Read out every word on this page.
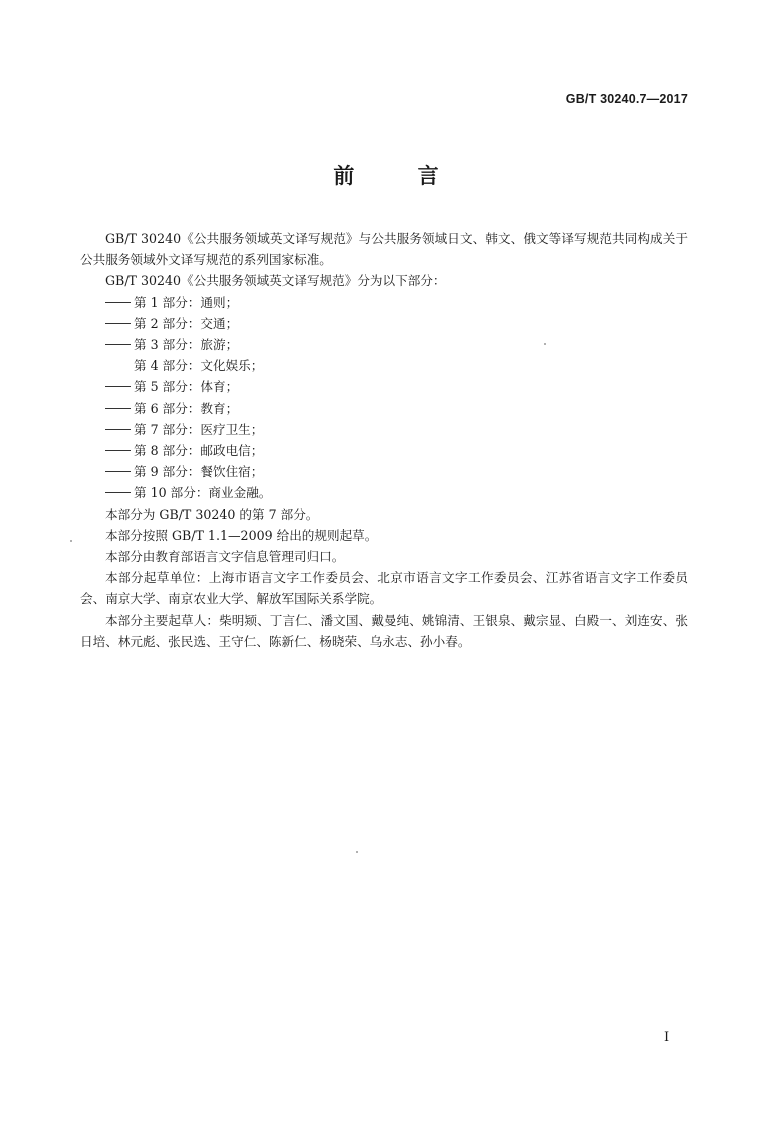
GB/T 30240.7—2017
前 言

GB/T 30240《公共服务领域英文译写规范》与公共服务领域日文、韩文、俄文等译写规范共同构成关于公共服务领域外文译写规范的系列国家标准。

GB/T 30240《公共服务领域英文译写规范》分为以下部分：

第 1 部分：通则；

第 2 部分：交通；

第 3 部分：旅游；

第 4 部分：文化娱乐；

第 5 部分：体育；

第 6 部分：教育；

第 7 部分：医疗卫生；

第 8 部分：邮政电信；

第 9 部分：餐饮住宿；

第 10 部分：商业金融。

本部分为 GB/T 30240 的第 7 部分。

本部分按照 GB/T 1.1—2009 给出的规则起草。

本部分由教育部语言文字信息管理司归口。

本部分起草单位：上海市语言文字工作委员会、北京市语言文字工作委员会、江苏省语言文字工作委员会、南京大学、南京农业大学、解放军国际关系学院。

本部分主要起草人：柴明颎、丁言仁、潘文国、戴曼纯、姚锦清、王银泉、戴宗显、白殿一、刘连安、张日培、林元彪、张民选、王守仁、陈新仁、杨晓荣、乌永志、孙小春。

I
